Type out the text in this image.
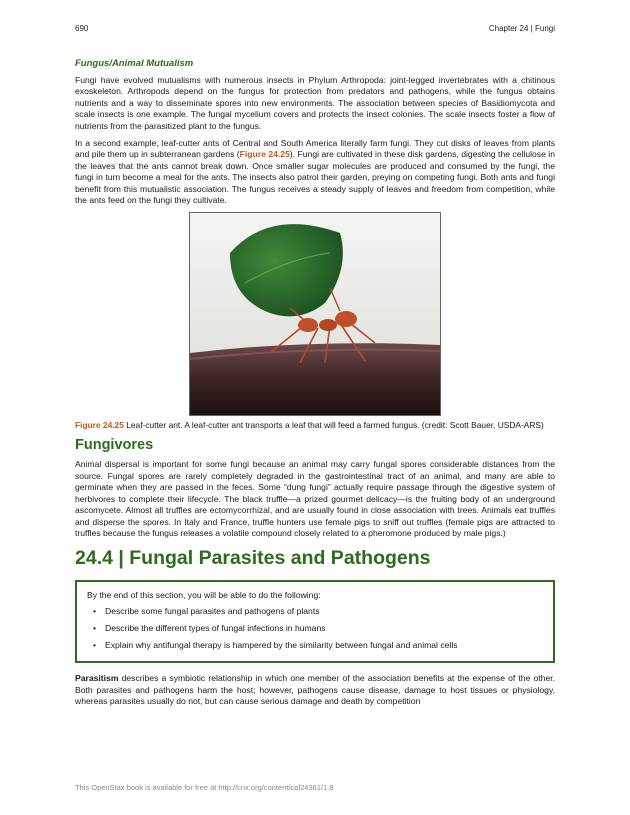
690	Chapter 24 | Fungi
Fungus/Animal Mutualism

Fungi have evolved mutualisms with numerous insects in Phylum Arthropoda: joint-legged invertebrates with a chitinous exoskeleton. Arthropods depend on the fungus for protection from predators and pathogens, while the fungus obtains nutrients and a way to disseminate spores into new environments. The association between species of Basidiomycota and scale insects is one example. The fungal mycelium covers and protects the insect colonies. The scale insects foster a flow of nutrients from the parasitized plant to the fungus.

In a second example, leaf-cutter ants of Central and South America literally farm fungi. They cut disks of leaves from plants and pile them up in subterranean gardens (Figure 24.25). Fungi are cultivated in these disk gardens, digesting the cellulose in the leaves that the ants cannot break down. Once smaller sugar molecules are produced and consumed by the fungi, the fungi in turn become a meal for the ants. The insects also patrol their garden, preying on competing fungi. Both ants and fungi benefit from this mutualistic association. The fungus receives a steady supply of leaves and freedom from competition, while the ants feed on the fungi they cultivate.

Figure 24.25 Leaf-cutter ant. A leaf-cutter ant transports a leaf that will feed a farmed fungus. (credit: Scott Bauer, USDA-ARS)

Fungivores

Animal dispersal is important for some fungi because an animal may carry fungal spores considerable distances from the source. Fungal spores are rarely completely degraded in the gastrointestinal tract of an animal, and many are able to germinate when they are passed in the feces. Some “dung fungi” actually require passage through the digestive system of herbivores to complete their lifecycle. The black truffle—a prized gourmet delicacy—is the fruiting body of an underground ascomycete. Almost all truffles are ectomycorrhizal, and are usually found in close association with trees. Animals eat truffles and disperse the spores. In Italy and France, truffle hunters use female pigs to sniff out truffles (female pigs are attracted to truffles because the fungus releases a volatile compound closely related to a pheromone produced by male pigs.)

24.4 | Fungal Parasites and Pathogens
By the end of this section, you will be able to do the following:
• Describe some fungal parasites and pathogens of plants
• Describe the different types of fungal infections in humans
• Explain why antifungal therapy is hampered by the similarity between fungal and animal cells

Parasitism describes a symbiotic relationship in which one member of the association benefits at the expense of the other. Both parasites and pathogens harm the host; however, pathogens cause disease, damage to host tissues or physiology, whereas parasites usually do not, but can cause serious damage and death by competition

This OpenStax book is available for free at http://cnx.org/content/col24361/1.8
